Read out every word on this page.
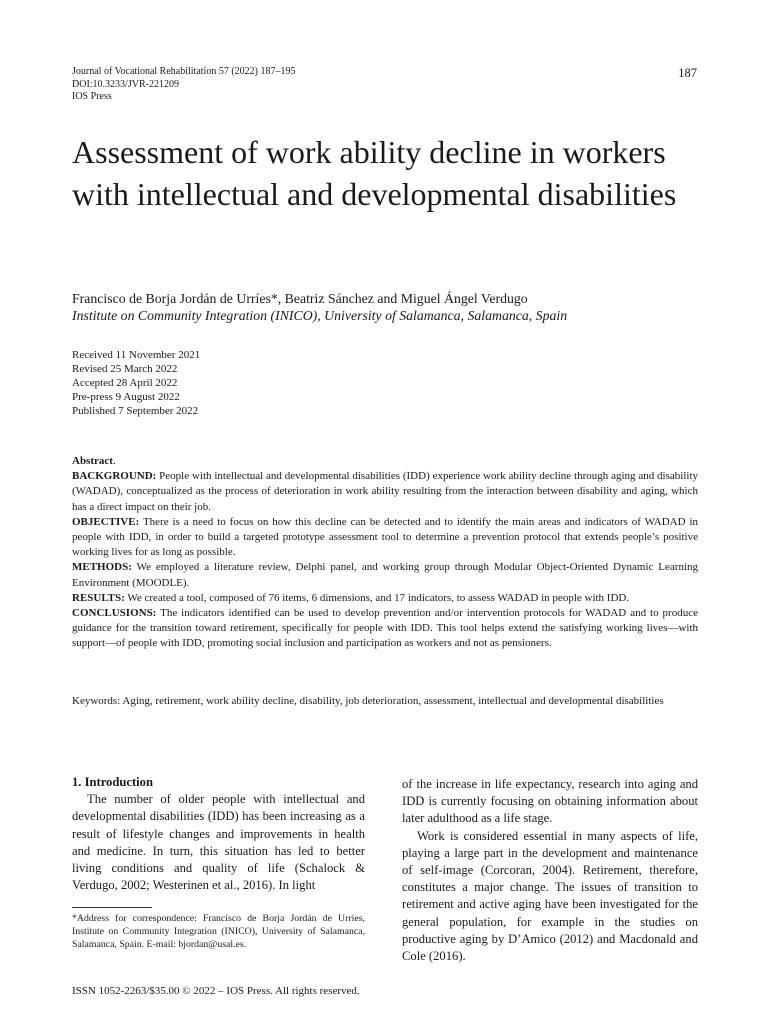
Journal of Vocational Rehabilitation 57 (2022) 187–195
DOI:10.3233/JVR-221209
IOS Press
187
Assessment of work ability decline in workers with intellectual and developmental disabilities
Francisco de Borja Jordán de Urríes*, Beatriz Sánchez and Miguel Ángel Verdugo
Institute on Community Integration (INICO), University of Salamanca, Salamanca, Spain
Received 11 November 2021
Revised 25 March 2022
Accepted 28 April 2022
Pre-press 9 August 2022
Published 7 September 2022

Abstract.

BACKGROUND: People with intellectual and developmental disabilities (IDD) experience work ability decline through aging and disability (WADAD), conceptualized as the process of deterioration in work ability resulting from the interaction between disability and aging, which has a direct impact on their job.

OBJECTIVE: There is a need to focus on how this decline can be detected and to identify the main areas and indicators of WADAD in people with IDD, in order to build a targeted prototype assessment tool to determine a prevention protocol that extends people’s positive working lives for as long as possible.

METHODS: We employed a literature review, Delphi panel, and working group through Modular Object-Oriented Dynamic Learning Environment (MOODLE).

RESULTS: We created a tool, composed of 76 items, 6 dimensions, and 17 indicators, to assess WADAD in people with IDD.

CONCLUSIONS: The indicators identified can be used to develop prevention and/or intervention protocols for WADAD and to produce guidance for the transition toward retirement, specifically for people with IDD. This tool helps extend the satisfying working lives—with support—of people with IDD, promoting social inclusion and participation as workers and not as pensioners.

Keywords: Aging, retirement, work ability decline, disability, job deterioration, assessment, intellectual and developmental disabilities

1. Introduction

The number of older people with intellectual and developmental disabilities (IDD) has been increasing as a result of lifestyle changes and improvements in health and medicine. In turn, this situation has led to better living conditions and quality of life (Schalock & Verdugo, 2002; Westerinen et al., 2016). In light

of the increase in life expectancy, research into aging and IDD is currently focusing on obtaining information about later adulthood as a life stage.

Work is considered essential in many aspects of life, playing a large part in the development and maintenance of self-image (Corcoran, 2004). Retirement, therefore, constitutes a major change. The issues of transition to retirement and active aging have been investigated for the general population, for example in the studies on productive aging by D’Amico (2012) and Macdonald and Cole (2016).

*Address for correspondence: Francisco de Borja Jordán de Urríes, Institute on Community Integration (INICO), University of Salamanca, Salamanca, Spain. E-mail: bjordan@usal.es.
ISSN 1052-2263/$35.00 © 2022 – IOS Press. All rights reserved.
